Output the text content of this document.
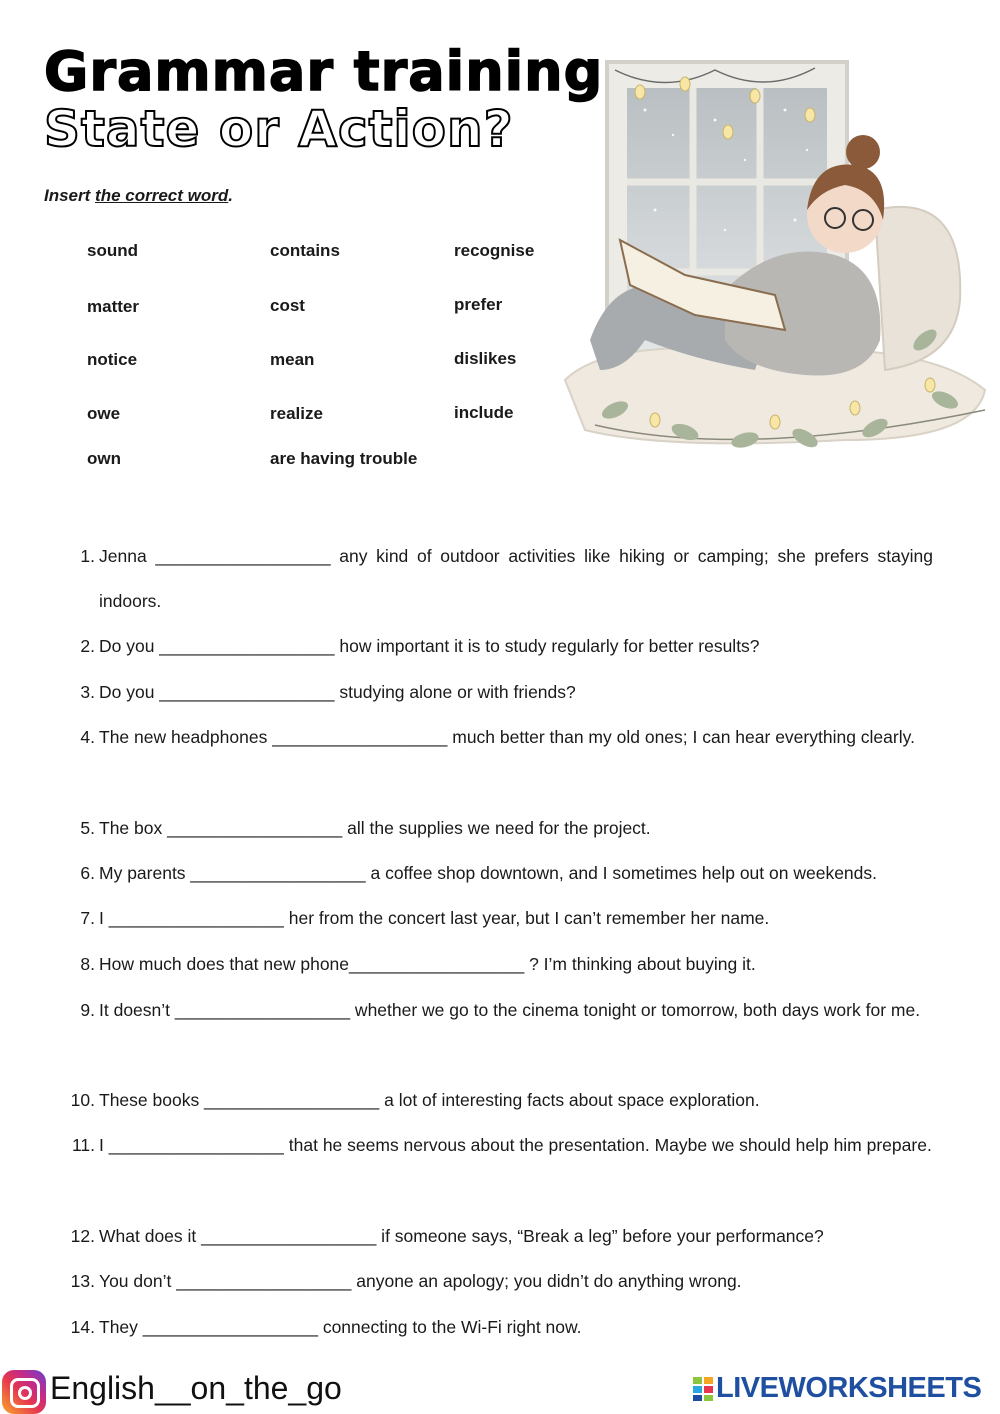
Grammar training
State or Action?
Insert the correct word.
sound	contains	recognise
matter	cost	prefer
notice	mean	dislikes
owe	realize	include
own	are having trouble
1. Jenna __________________ any kind of outdoor activities like hiking or camping; she prefers staying indoors.
2. Do you __________________ how important it is to study regularly for better results?
3. Do you __________________ studying alone or with friends?
4. The new headphones __________________ much better than my old ones; I can hear everything clearly.
5. The box __________________ all the supplies we need for the project.
6. My parents __________________ a coffee shop downtown, and I sometimes help out on weekends.
7. I __________________ her from the concert last year, but I can’t remember her name.
8. How much does that new phone__________________ ? I’m thinking about buying it.
9. It doesn’t __________________ whether we go to the cinema tonight or tomorrow, both days work for me.
10. These books __________________ a lot of interesting facts about space exploration.
11. I __________________ that he seems nervous about the presentation. Maybe we should help him prepare.
12. What does it __________________ if someone says, “Break a leg” before your performance?
13. You don’t __________________ anyone an apology; you didn’t do anything wrong.
14. They __________________ connecting to the Wi-Fi right now.
English__on_the_go	LIVEWORKSHEETS
